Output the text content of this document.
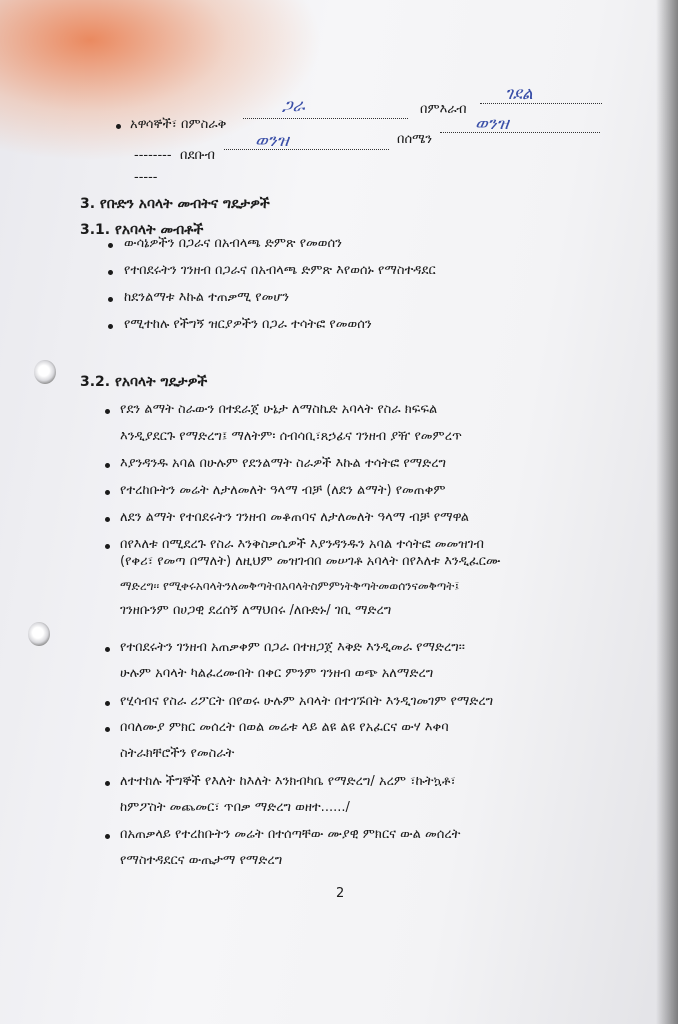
አዋሳኞች፣ በምስራቅ
ጋራ	በምእራብ
ገደል
-------- በደቡብ
ወንዝ	በሰሜን
ወንዝ
-----
3. የቡድን አባላት መብትና ግዴታዎች
3.1. የአባላት መብቶች
ውሳኔዎችን በጋራና በአብላጫ ድምጽ የመወሰን
የተበደሩትን ገንዘብ በጋራና በአብላጫ ድምጽ እየወሰኑ የማስተዳደር
ከደንልማቱ እኩል ተጠቃሚ የመሆን
የሚተከሉ የችግኝ ዝርያዎችን በጋራ ተሳትፎ የመወሰን
3.2. የአባላት ግዴታዎች
የደን ልማት ስራውን በተደራጀ ሁኔታ ለማስኬድ አባላት የስራ ክፍፍል
እንዲያደርጉ የማድረግ፤ ማለትም፡ ሰብሳቢ፣ጸኃፊና ገንዘብ ያዥ የመምረጥ
እያንዳንዱ አባል በሁሉም የደንልማት ስራዎች እኩል ተሳትፎ የማድረግ
የተረከቡትን መሬት ለታለመለት ዓላማ ብቻ (ለደን ልማት) የመጠቀም
ለደን ልማት የተበደሩትን ገንዘብ መቆጠባና ለታለመለት ዓላማ ብቻ የማዋል
በየእለቱ በሚደረጉ የስራ እንቅስቃሴዎች እያንዳንዱን አባል ተሳትፎ መመዝገብ
(የቀሪ፣ የመጣ በማለት) ለዚህም መዝገብበ መሠገቶ አባላት በየእለቱ እንዲፈርሙ
ማድረግ፡፡ የሚቀሩአባላትንለመቅጣትበአባላትስምምነትቅጣትመወሰንናመቅጣት፤
ገንዘቡንም በሀጋዊ ደረሰኝ ለማህበሩ /ለቡድኑ/ ገቢ ማድረግ
የተበደሩትን ገንዘብ አጠቃቀም በጋራ በተዘጋጀ እቅድ እንዲመራ የማድረግ፡፡
ሁሉም አባላት ካልፈረሙበት በቀር ምንም ገንዘብ ወጭ አለማድረግ
የሂሳብና የስራ ሪፖርት በየወሩ ሁሉም አባላት በተገኙበት እንዲገመገም የማድረግ
በባለሙያ ምክር መሰረት በወል መሬቱ ላይ ልዩ ልዩ የአፈርና ውሃ እቀባ
ስትራክቸሮችን የመስራት
ለተተከሉ ችግኞች የእለት ከእለት እንክብካቤ የማድረግ/ አረም ፣ኩትኳቶ፣
ከምፖስት መጨመር፣ ጥበቃ ማድረግ ወዘተ....../
በአጠቃላይ የተረከቡትን መሬት በተሰጣቸው ሙያዊ ምክርና ውል መሰረት
የማስተዳደርና ውጤታማ የማድረግ
2
